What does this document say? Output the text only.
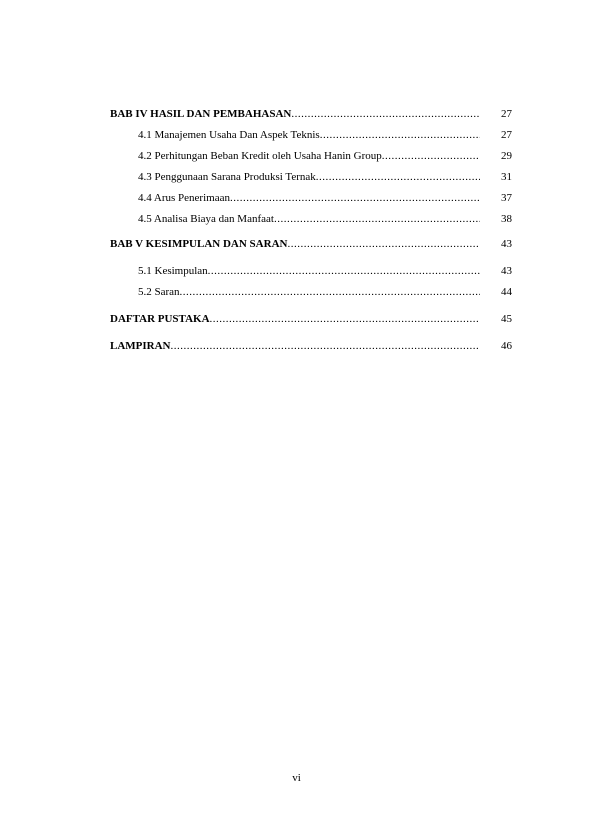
BAB IV HASIL DAN PEMBAHASAN .....	27
4.1 Manajemen Usaha Dan Aspek Teknis .....	27
4.2 Perhitungan Beban Kredit oleh Usaha Hanin Group .....	29
4.3 Penggunaan Sarana Produksi Ternak .....	31
4.4 Arus Penerimaan .....	37
4.5 Analisa Biaya dan Manfaat .....	38
BAB V KESIMPULAN DAN SARAN .....	43
5.1 Kesimpulan .....	43
5.2 Saran .....	44
DAFTAR PUSTAKA .....	45
LAMPIRAN .....	46
vi
